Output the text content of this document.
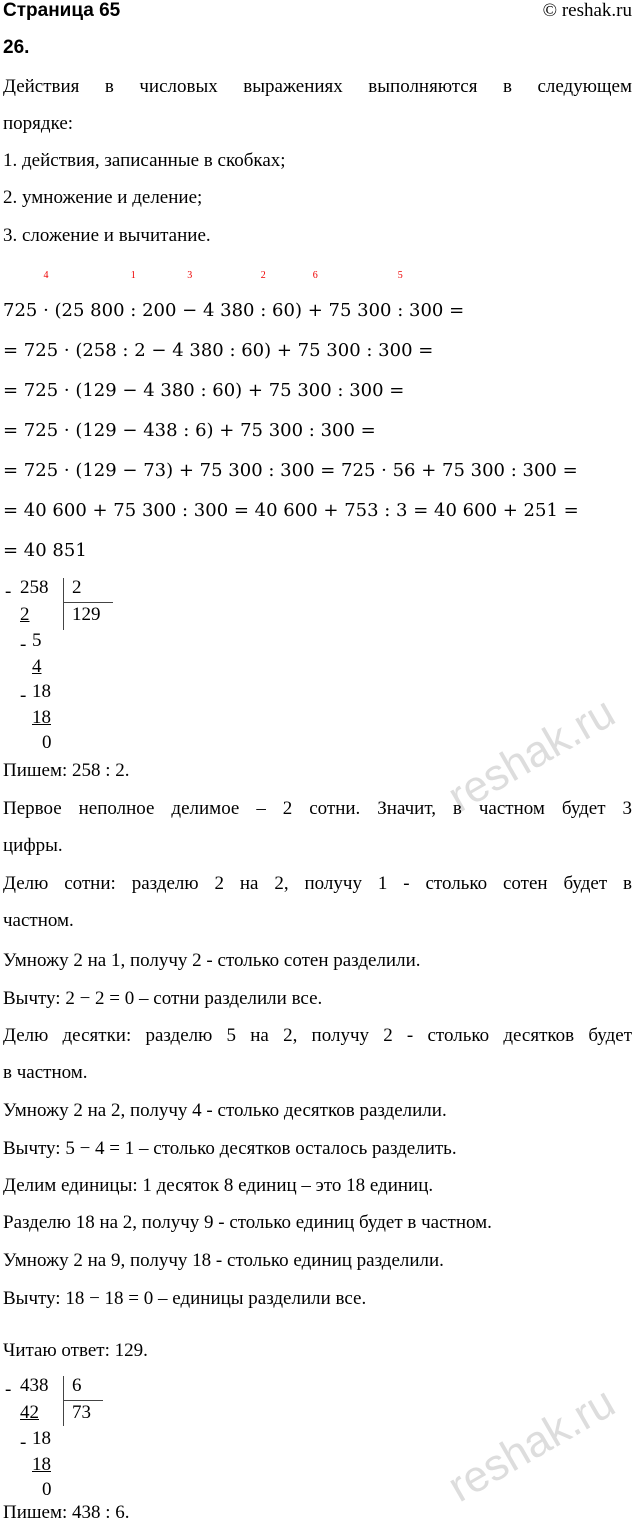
reshak.ru
reshak.ru
Страница 65	© reshak.ru
26.
Действия в числовых выражениях выполняются в следующем
порядке:
1. действия, записанные в скобках;
2. умножение и деление;
3. сложение и вычитание.
725 ·
4
(25 800 :
1
200 −
3
4 380 :
2
60) +
6
75 300 :
5
300 =
= 725 · (258 : 2 − 4 380 : 60) + 75 300 : 300 =
= 725 · (129 − 4 380 : 60) + 75 300 : 300 =
= 725 · (129 − 438 : 6) + 75 300 : 300 =
= 725 · (129 − 73) + 75 300 : 300 = 725 · 56 + 75 300 : 300 =
= 40 600 + 75 300 : 300 = 40 600 + 753 : 3 = 40 600 + 251 =
= 40 851
- 258 2
129
2
- 5
4
- 18
18
0
Пишем: 258 : 2.
Первое неполное делимое – 2 сотни. Значит, в частном будет 3
цифры.
Делю сотни: разделю 2 на 2, получу 1 - столько сотен будет в
частном.
Умножу 2 на 1, получу 2 - столько сотен разделили.
Вычту: 2 − 2 = 0 – сотни разделили все.
Делю десятки: разделю 5 на 2, получу 2 - столько десятков будет
в частном.
Умножу 2 на 2, получу 4 - столько десятков разделили.
Вычту: 5 − 4 = 1 – столько десятков осталось разделить.
Делим единицы: 1 десяток 8 единиц – это 18 единиц.
Разделю 18 на 2, получу 9 - столько единиц будет в частном.
Умножу 2 на 9, получу 18 - столько единиц разделили.
Вычту: 18 − 18 = 0 – единицы разделили все.
Читаю ответ: 129.
- 438 6
73
42
- 18
18
0
Пишем: 438 : 6.
